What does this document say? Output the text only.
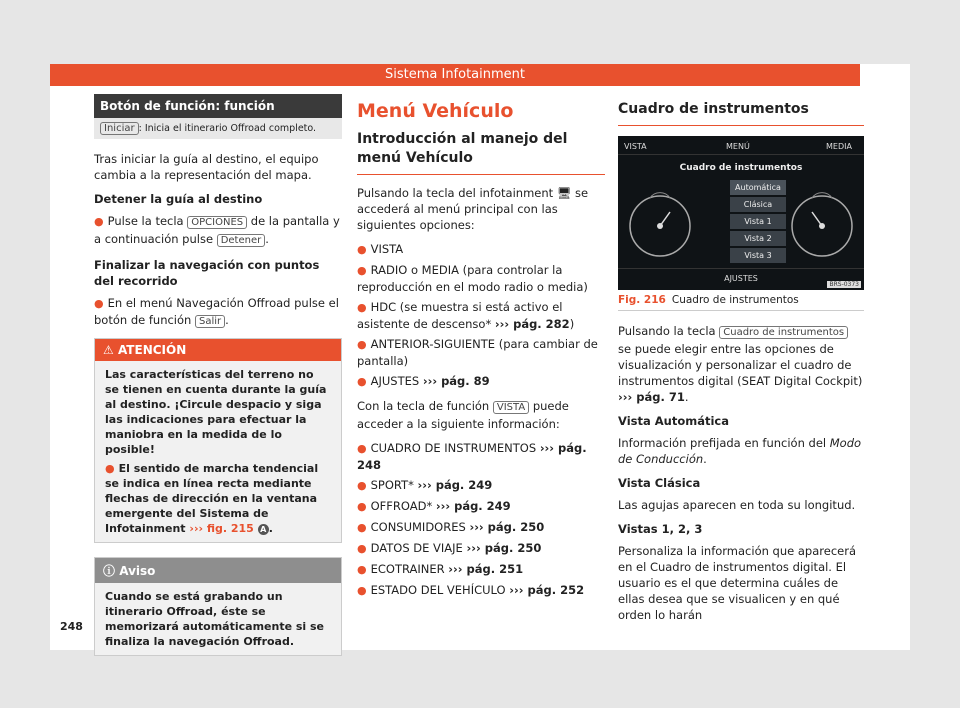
Sistema Infotainment
Botón de función: función
Iniciar : Inicia el itinerario Offroad completo.

Tras iniciar la guía al destino, el equipo cambia a la representación del mapa.

Detener la guía al destino
● Pulse la tecla OPCIONES de la pantalla y a continuación pulse Detener .
Finalizar la navegación con puntos del recorrido
● En el menú Navegación Offroad pulse el botón de función Salir .
⚠ ATENCIÓN
Las características del terreno no se tienen en cuenta durante la guía al destino. ¡Circule despacio y siga las indicaciones para efectuar la maniobra en la medida de lo posible!
● El sentido de marcha tendencial se indica en línea recta mediante flechas de dirección en la ventana emergente del Sistema de Infotainment ››› fig. 215 A .
ⓘ Aviso
Cuando se está grabando un itinerario Offroad, éste se memorizará automáticamente si se finaliza la navegación Offroad.
Menú Vehículo
Introducción al manejo del menú Vehículo

Pulsando la tecla del infotainment 🖥 se accederá al menú principal con las siguientes opciones:

● VISTA
● RADIO o MEDIA (para controlar la reproducción en el modo radio o media)
● HDC (se muestra si está activo el asistente de descenso* ››› pág. 282)
● ANTERIOR-SIGUIENTE (para cambiar de pantalla)
● AJUSTES ››› pág. 89

Con la tecla de función VISTA puede acceder a la siguiente información:

● CUADRO DE INSTRUMENTOS ››› pág. 248
● SPORT* ››› pág. 249
● OFFROAD* ››› pág. 249
● CONSUMIDORES ››› pág. 250
● DATOS DE VIAJE ››› pág. 250
● ECOTRAINER ››› pág. 251
● ESTADO DEL VEHÍCULO ››› pág. 252
Cuadro de instrumentos
VISTA	MENÚ	MEDIA
Cuadro de instrumentos
Automática
Clásica
Vista 1
Vista 2
Vista 3
AJUSTES
BRS-0373
Fig. 216 Cuadro de instrumentos

Pulsando la tecla Cuadro de instrumentos se puede elegir entre las opciones de visualización y personalizar el cuadro de instrumentos digital (SEAT Digital Cockpit) ››› pág. 71.

Vista Automática

Información prefijada en función del Modo de Conducción.

Vista Clásica

Las agujas aparecen en toda su longitud.

Vistas 1, 2, 3

Personaliza la información que aparecerá en el Cuadro de instrumentos digital. El usuario es el que determina cuáles de ellas desea que se visualicen y en qué orden lo harán

248
